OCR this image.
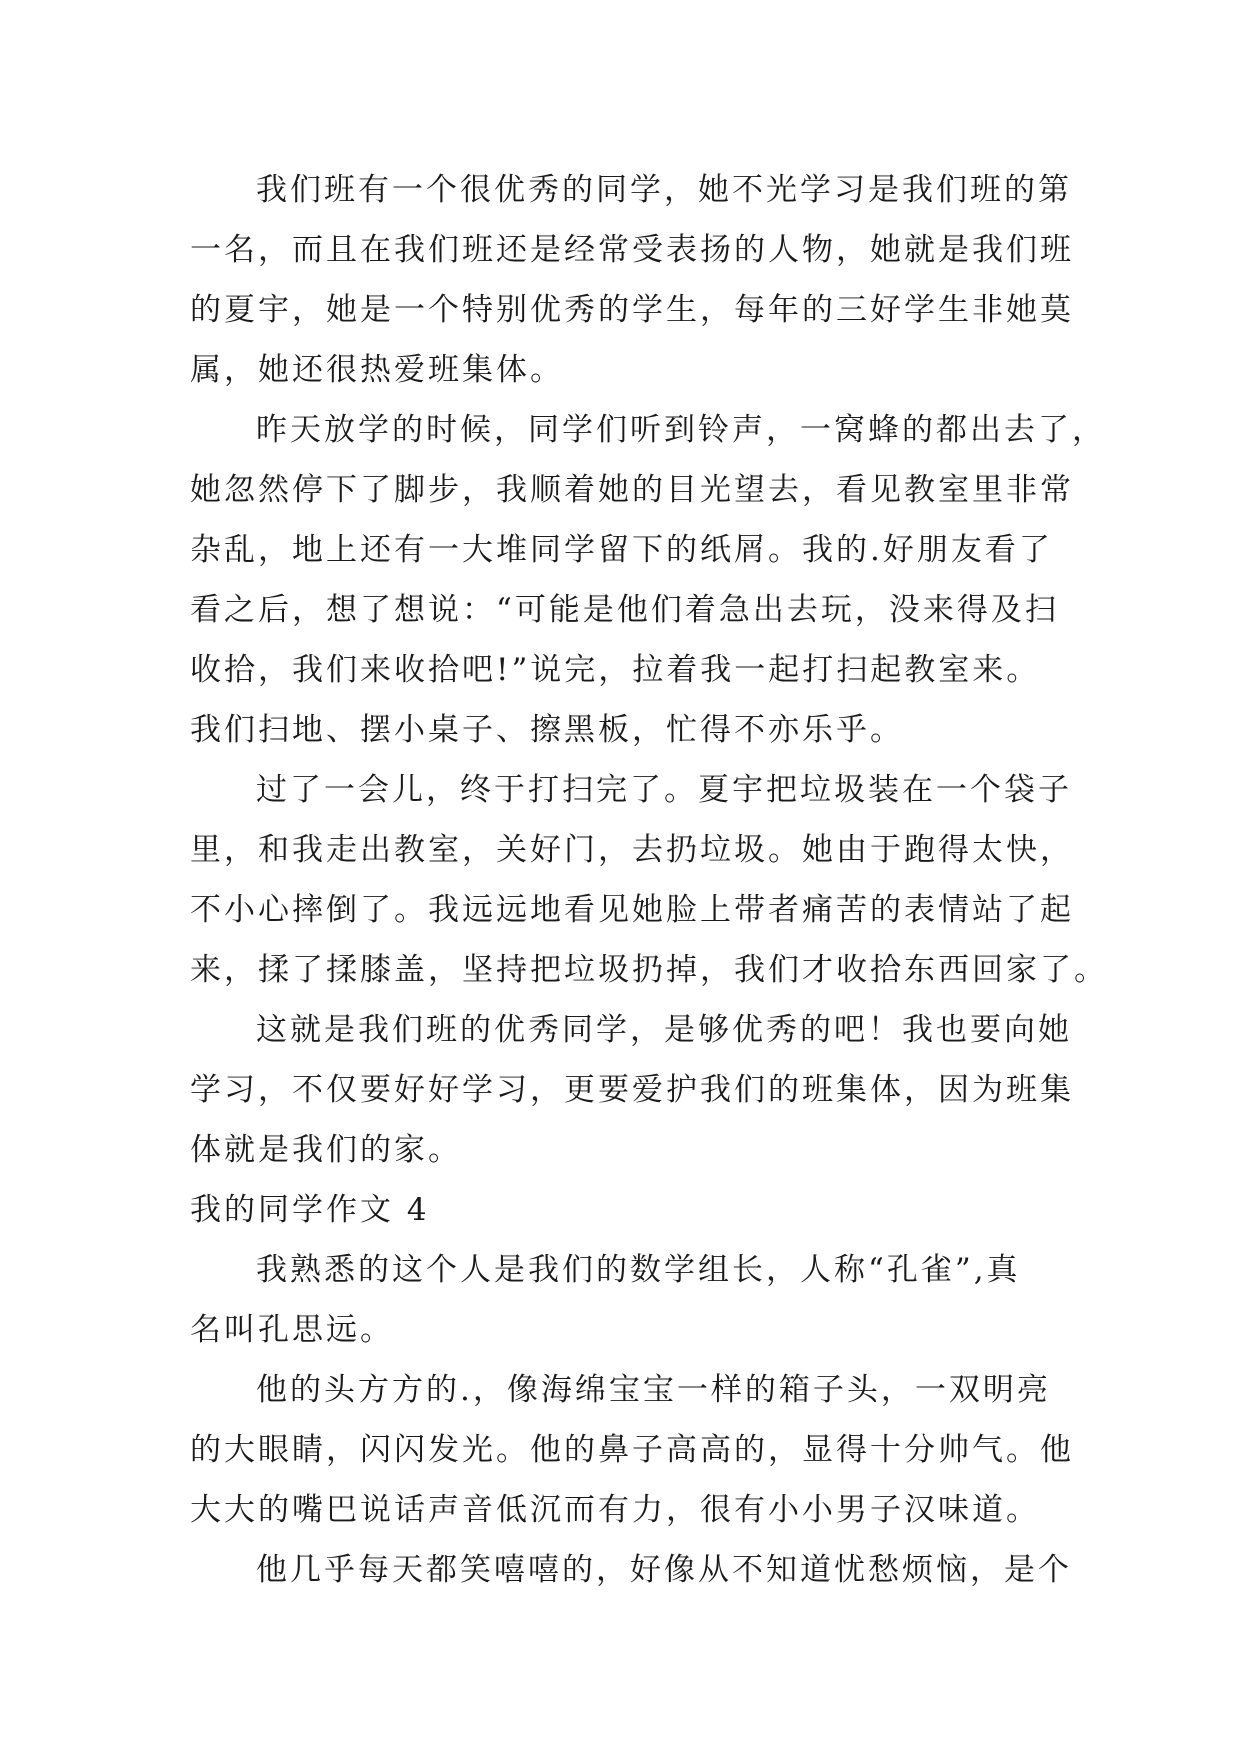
我们班有一个很优秀的同学，她不光学习是我们班的第
一名，而且在我们班还是经常受表扬的人物，她就是我们班
的夏宇，她是一个特别优秀的学生，每年的三好学生非她莫
属，她还很热爱班集体。
昨天放学的时候，同学们听到铃声，一窝蜂的都出去了，
她忽然停下了脚步，我顺着她的目光望去，看见教室里非常
杂乱，地上还有一大堆同学留下的纸屑。我的.好朋友看了
看之后，想了想说：“可能是他们着急出去玩，没来得及扫
收拾，我们来收拾吧!”说完，拉着我一起打扫起教室来。
我们扫地、摆小桌子、擦黑板，忙得不亦乐乎。
过了一会儿，终于打扫完了。夏宇把垃圾装在一个袋子
里，和我走出教室，关好门，去扔垃圾。她由于跑得太快，
不小心摔倒了。我远远地看见她脸上带者痛苦的表情站了起
来，揉了揉膝盖，坚持把垃圾扔掉，我们才收拾东西回家了。
这就是我们班的优秀同学，是够优秀的吧！我也要向她
学习，不仅要好好学习，更要爱护我们的班集体，因为班集
体就是我们的家。
我的同学作文 4
我熟悉的这个人是我们的数学组长，人称“孔雀”,真
名叫孔思远。
他的头方方的.，像海绵宝宝一样的箱子头，一双明亮
的大眼睛，闪闪发光。他的鼻子高高的，显得十分帅气。他
大大的嘴巴说话声音低沉而有力，很有小小男子汉味道。
他几乎每天都笑嘻嘻的，好像从不知道忧愁烦恼，是个
